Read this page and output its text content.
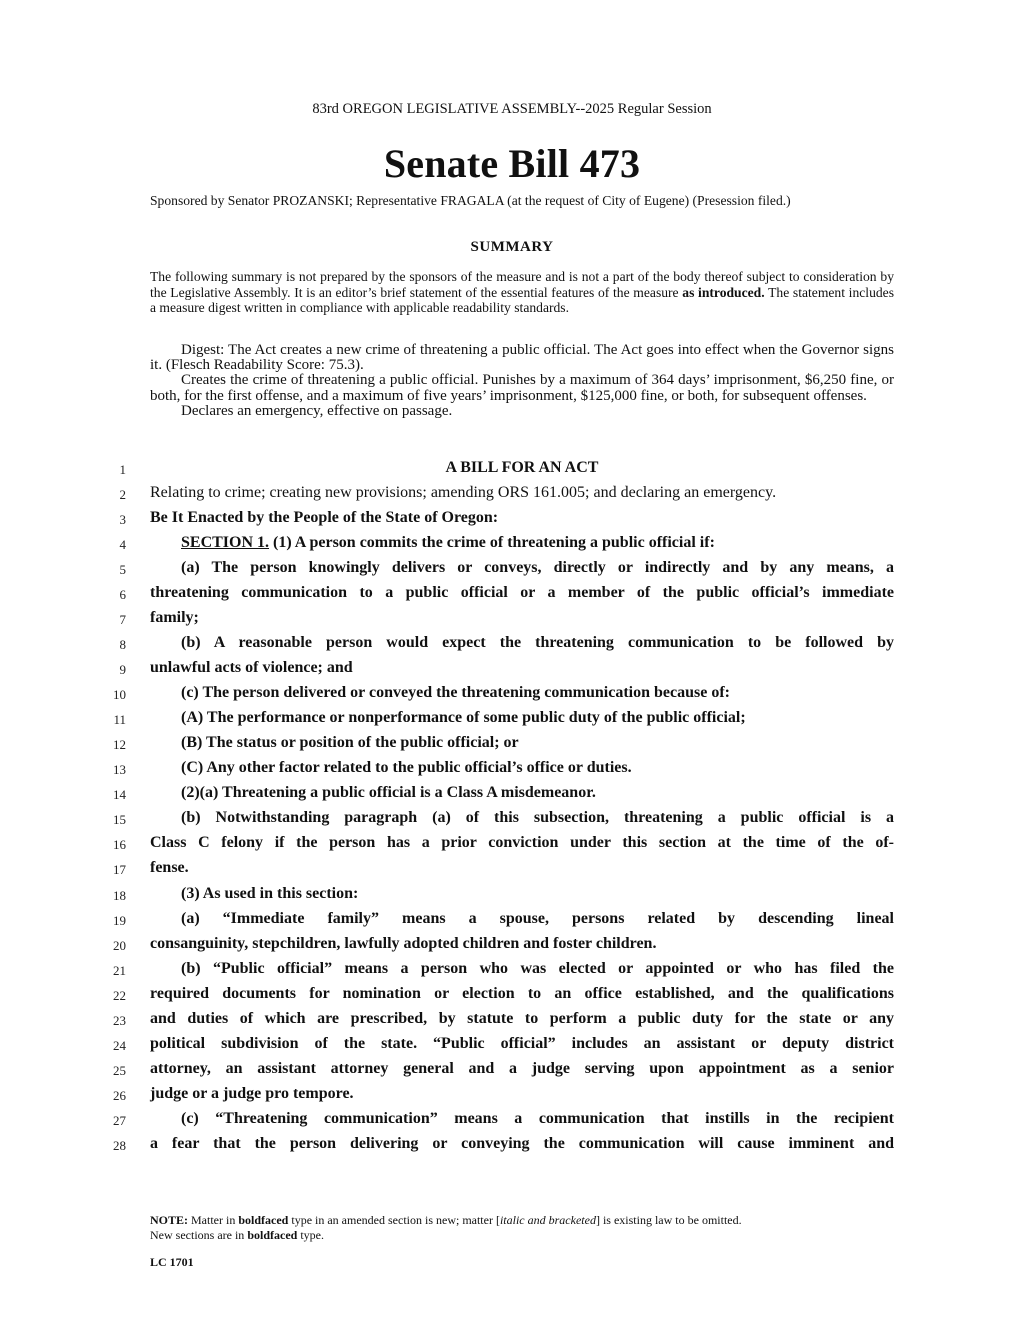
83rd OREGON LEGISLATIVE ASSEMBLY--2025 Regular Session
Senate Bill 473
Sponsored by Senator PROZANSKI; Representative FRAGALA (at the request of City of Eugene) (Presession filed.)
SUMMARY
The following summary is not prepared by the sponsors of the measure and is not a part of the body thereof subject to consideration by the Legislative Assembly. It is an editor’s brief statement of the essential features of the measure as introduced. The statement includes a measure digest written in compliance with applicable readability standards.

Digest: The Act creates a new crime of threatening a public official. The Act goes into effect when the Governor signs it. (Flesch Readability Score: 75.3).

Creates the crime of threatening a public official. Punishes by a maximum of 364 days’ imprisonment, $6,250 fine, or both, for the first offense, and a maximum of five years’ imprisonment, $125,000 fine, or both, for subsequent offenses.

Declares an emergency, effective on passage.

1	A BILL FOR AN ACT
2 Relating to crime; creating new provisions; amending ORS 161.005; and declaring an emergency.
3 Be It Enacted by the People of the State of Oregon:
4	SECTION 1. (1) A person commits the crime of threatening a public official if:
5	(a) The person knowingly delivers or conveys, directly or indirectly and by any means, a
6 threatening communication to a public official or a member of the public official’s immediate
7 family;
8	(b) A reasonable person would expect the threatening communication to be followed by
9 unlawful acts of violence; and
10	(c) The person delivered or conveyed the threatening communication because of:
11	(A) The performance or nonperformance of some public duty of the public official;
12	(B) The status or position of the public official; or
13	(C) Any other factor related to the public official’s office or duties.
14	(2)(a) Threatening a public official is a Class A misdemeanor.
15	(b) Notwithstanding paragraph (a) of this subsection, threatening a public official is a
16 Class C felony if the person has a prior conviction under this section at the time of the of-
17 fense.
18	(3) As used in this section:
19	(a) “Immediate family” means a spouse, persons related by descending lineal
20 consanguinity, stepchildren, lawfully adopted children and foster children.
21	(b) “Public official” means a person who was elected or appointed or who has filed the
22 required documents for nomination or election to an office established, and the qualifications
23 and duties of which are prescribed, by statute to perform a public duty for the state or any
24 political subdivision of the state. “Public official” includes an assistant or deputy district
25 attorney, an assistant attorney general and a judge serving upon appointment as a senior
26 judge or a judge pro tempore.
27	(c) “Threatening communication” means a communication that instills in the recipient
28 a fear that the person delivering or conveying the communication will cause imminent and
NOTE: Matter in boldfaced type in an amended section is new; matter [italic and bracketed] is existing law to be omitted.
New sections are in boldfaced type.
LC 1701
